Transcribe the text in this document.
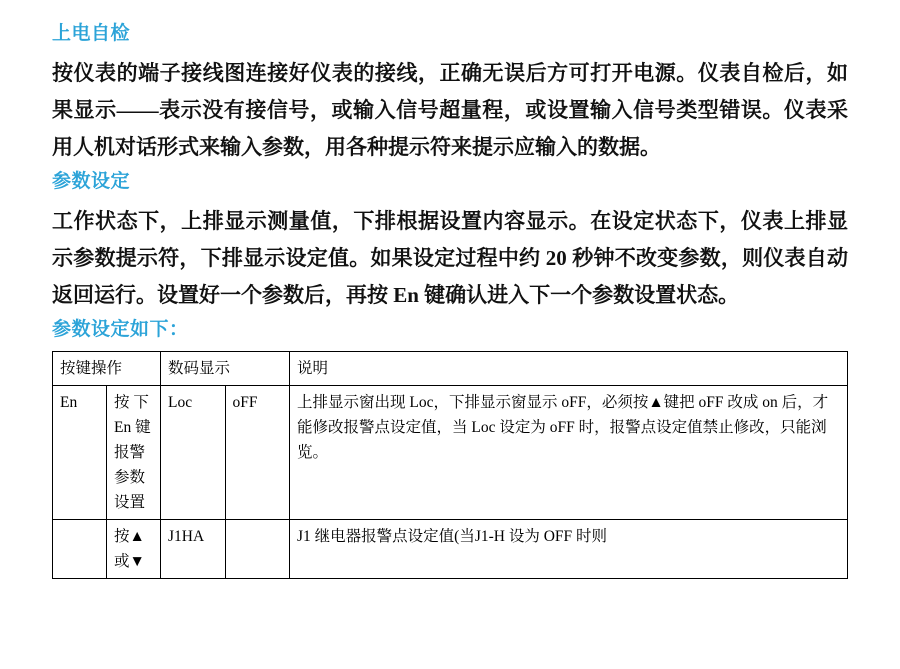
上电自检

按仪表的端子接线图连接好仪表的接线，正确无误后方可打开电源。仪表自检后，如果显示——表示没有接信号，或输入信号超量程，或设置输入信号类型错误。仪表采用人机对话形式来输入参数，用各种提示符来提示应输入的数据。

参数设定

工作状态下，上排显示测量值，下排根据设置内容显示。在设定状态下，仪表上排显示参数提示符，下排显示设定值。如果设定过程中约 20 秒钟不改变参数，则仪表自动返回运行。设置好一个参数后，再按 En 键确认进入下一个参数设置状态。

参数设定如下：
按键操作		数码显示		说明
En	按 下 En 键报警参数设置	Loc	oFF	上排显示窗出现 Loc，下排显示窗显示 oFF，必须按▲键把 oFF 改成 on 后，才能修改报警点设定值，当 Loc 设定为 oFF 时，报警点设定值禁止修改，只能浏览。
	按▲或▼	J1HA		J1 继电器报警点设定值(当J1-H 设为 OFF 时则
